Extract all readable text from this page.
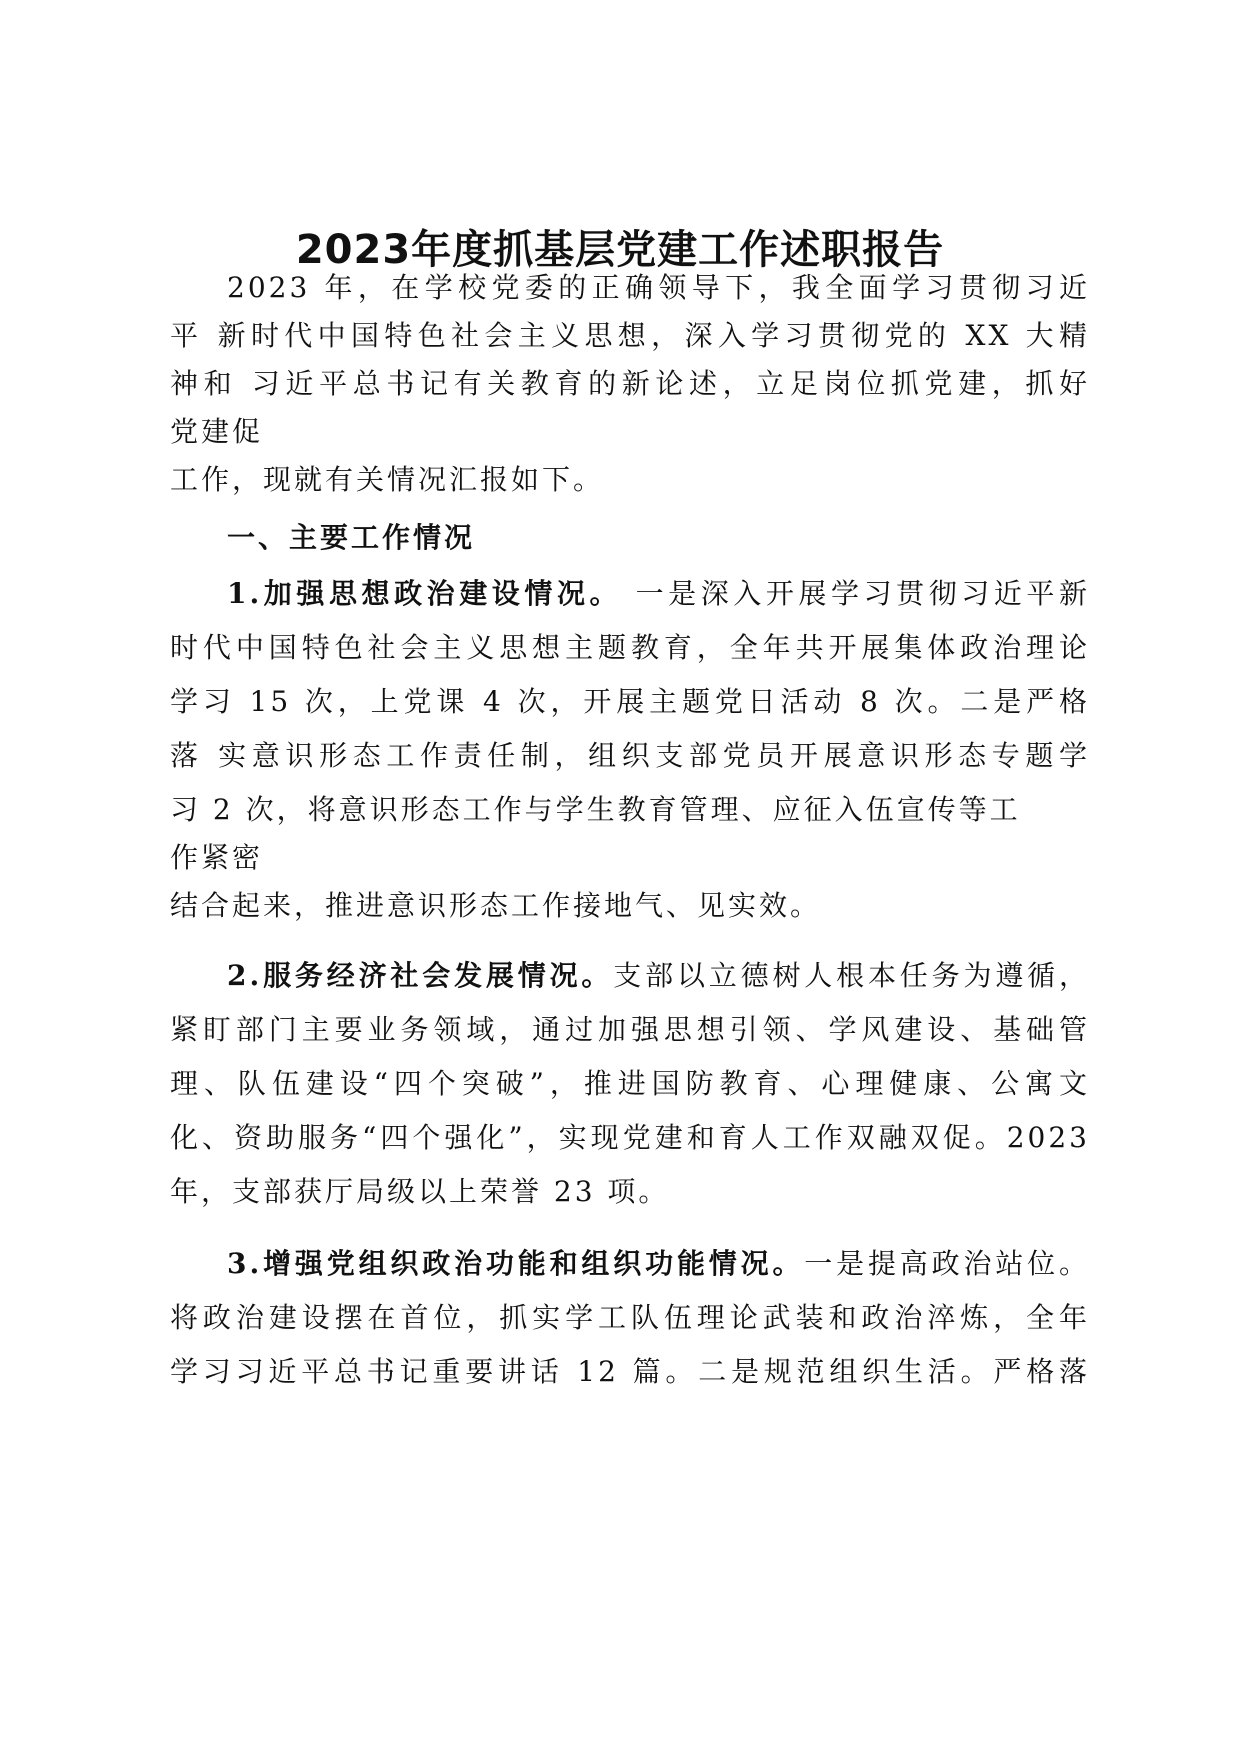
2023年度抓基层党建工作述职报告
2023 年，在学校党委的正确领导下，我全面学习贯彻习近
平 新时代中国特色社会主义思想，深入学习贯彻党的 XX 大精
神和 习近平总书记有关教育的新论述，立足岗位抓党建，抓好
党建促
工作，现就有关情况汇报如下。
一、主要工作情况
1.加强思想政治建设情况。 一是深入开展学习贯彻习近平新
时代中国特色社会主义思想主题教育，全年共开展集体政治理论
学习 15 次，上党课 4 次，开展主题党日活动 8 次。二是严格
落 实意识形态工作责任制，组织支部党员开展意识形态专题学
习 2 次，将意识形态工作与学生教育管理、应征入伍宣传等工
作紧密
结合起来，推进意识形态工作接地气、见实效。
2.服务经济社会发展情况。支部以立德树人根本任务为遵循，
紧盯部门主要业务领域，通过加强思想引领、学风建设、基础管
理、队伍建设“四个突破”，推进国防教育、心理健康、公寓文
化、资助服务“四个强化”，实现党建和育人工作双融双促。2023
年，支部获厅局级以上荣誉 23 项。
3.增强党组织政治功能和组织功能情况。一是提高政治站位。
将政治建设摆在首位，抓实学工队伍理论武装和政治淬炼，全年
学习习近平总书记重要讲话 12 篇。二是规范组织生活。严格落
